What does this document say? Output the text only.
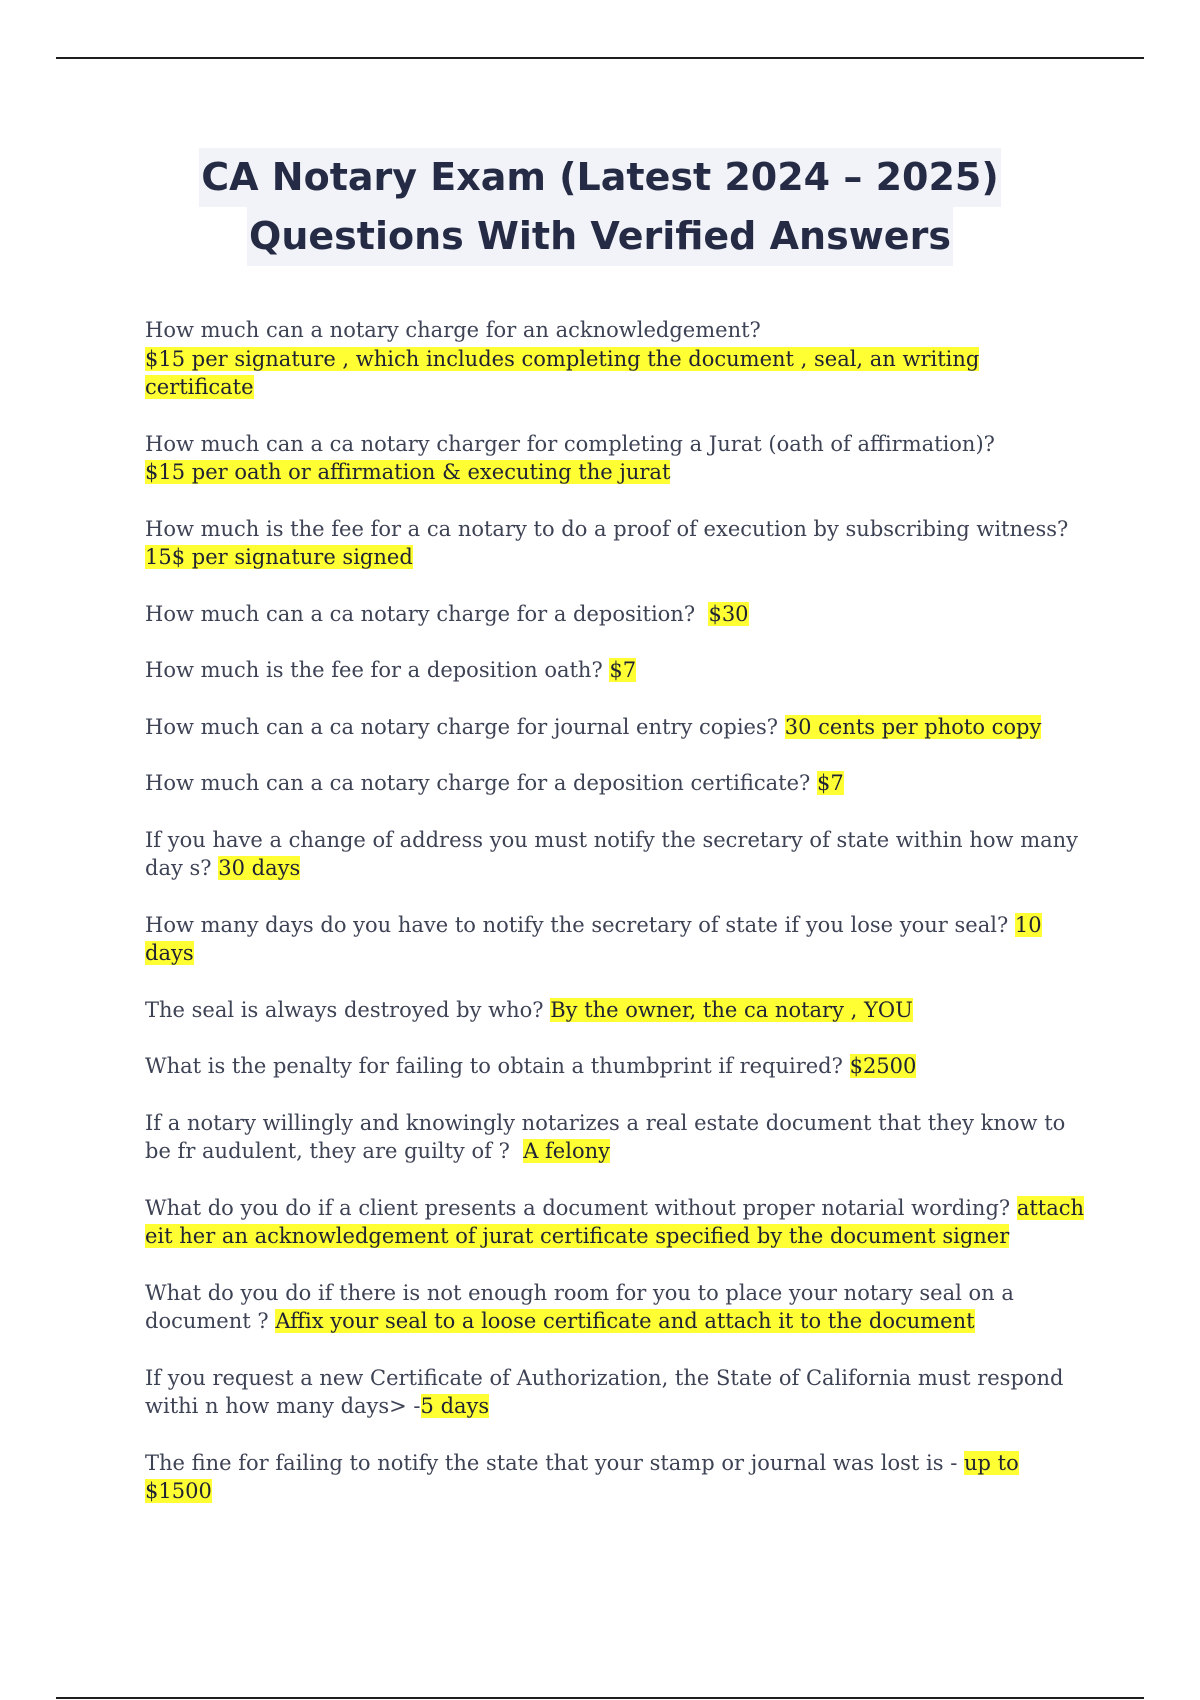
CA Notary Exam (Latest 2024 – 2025)
Questions With Verified Answers
How much can a notary charge for an acknowledgement?
$15 per signature , which includes completing the document , seal, an writing certificate
How much can a ca notary charger for completing a Jurat (oath of affirmation)?
$15 per oath or affirmation & executing the jurat
How much is the fee for a ca notary to do a proof of execution by subscribing witness?
15$ per signature signed
How much can a ca notary charge for a deposition? $30
How much is the fee for a deposition oath? $7
How much can a ca notary charge for journal entry copies? 30 cents per photo copy
How much can a ca notary charge for a deposition certificate? $7
If you have a change of address you must notify the secretary of state within how many day s? 30 days
How many days do you have to notify the secretary of state if you lose your seal? 10 days
The seal is always destroyed by who? By the owner, the ca notary , YOU
What is the penalty for failing to obtain a thumbprint if required? $2500
If a notary willingly and knowingly notarizes a real estate document that they know to be fr audulent, they are guilty of ? A felony
What do you do if a client presents a document without proper notarial wording? attach eit her an acknowledgement of jurat certificate specified by the document signer
What do you do if there is not enough room for you to place your notary seal on a document ? Affix your seal to a loose certificate and attach it to the document
If you request a new Certificate of Authorization, the State of California must respond withi n how many days> -5 days
The fine for failing to notify the state that your stamp or journal was lost is - up to $1500
